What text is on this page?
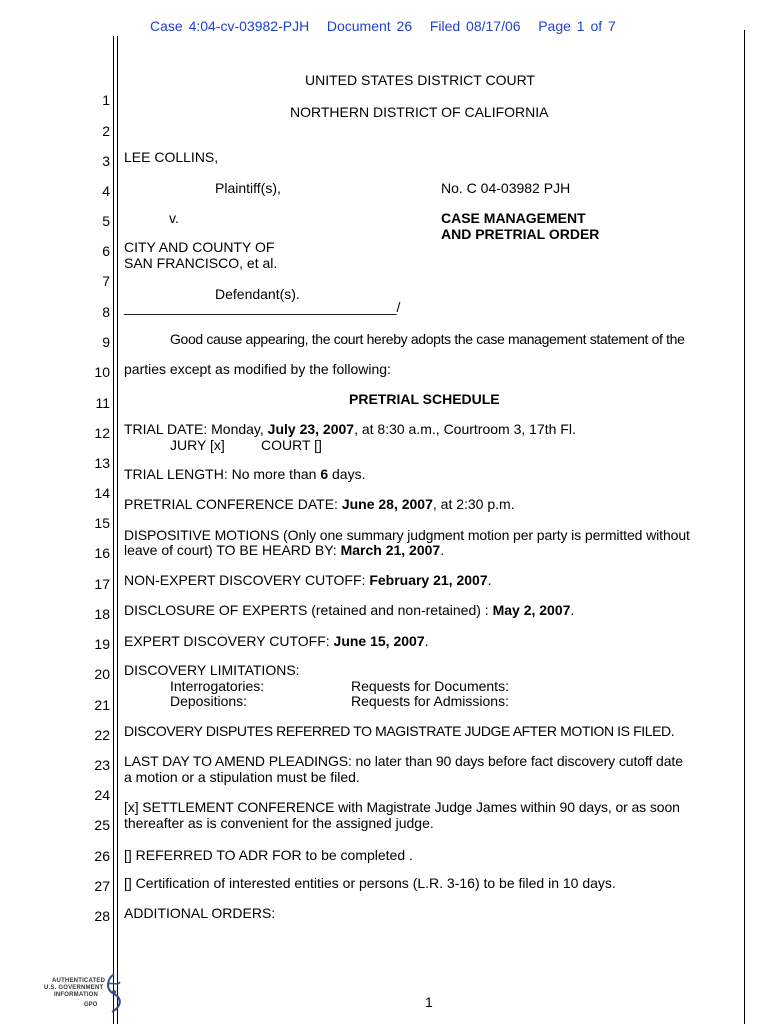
Case 4:04-cv-03982-PJH Document 26 Filed 08/17/06 Page 1 of 7
1
2
3
4
5
6
7
8
9
10
11
12
13
14
15
16
17
18
19
20
21
22
23
24
25
26
27
28
UNITED STATES DISTRICT COURT
NORTHERN DISTRICT OF CALIFORNIA
LEE COLLINS,
Plaintiff(s),	No. C 04-03982 PJH
v.	CASE MANAGEMENT
AND PRETRIAL ORDER
CITY AND COUNTY OF
SAN FRANCISCO, et al.
Defendant(s).
___________________________________/
Good cause appearing, the court hereby adopts the case management statement of the
parties except as modified by the following:
PRETRIAL SCHEDULE
TRIAL DATE: Monday, July 23, 2007, at 8:30 a.m., Courtroom 3, 17th Fl.
JURY [x]	COURT []
TRIAL LENGTH: No more than 6 days.
PRETRIAL CONFERENCE DATE: June 28, 2007, at 2:30 p.m.
DISPOSITIVE MOTIONS (Only one summary judgment motion per party is permitted without
leave of court) TO BE HEARD BY: March 21, 2007.
NON-EXPERT DISCOVERY CUTOFF: February 21, 2007.
DISCLOSURE OF EXPERTS (retained and non-retained) : May 2, 2007.
EXPERT DISCOVERY CUTOFF: June 15, 2007.
DISCOVERY LIMITATIONS:
Interrogatories:	Requests for Documents:
Depositions:	Requests for Admissions:
DISCOVERY DISPUTES REFERRED TO MAGISTRATE JUDGE AFTER MOTION IS FILED.
LAST DAY TO AMEND PLEADINGS: no later than 90 days before fact discovery cutoff date
a motion or a stipulation must be filed.
[x] SETTLEMENT CONFERENCE with Magistrate Judge James within 90 days, or as soon
thereafter as is convenient for the assigned judge.
[] REFERRED TO ADR FOR to be completed .
[] Certification of interested entities or persons (L.R. 3-16) to be filed in 10 days.
ADDITIONAL ORDERS:
1
AUTHENTICATED
U.S. GOVERNMENT
INFORMATION
GPO
